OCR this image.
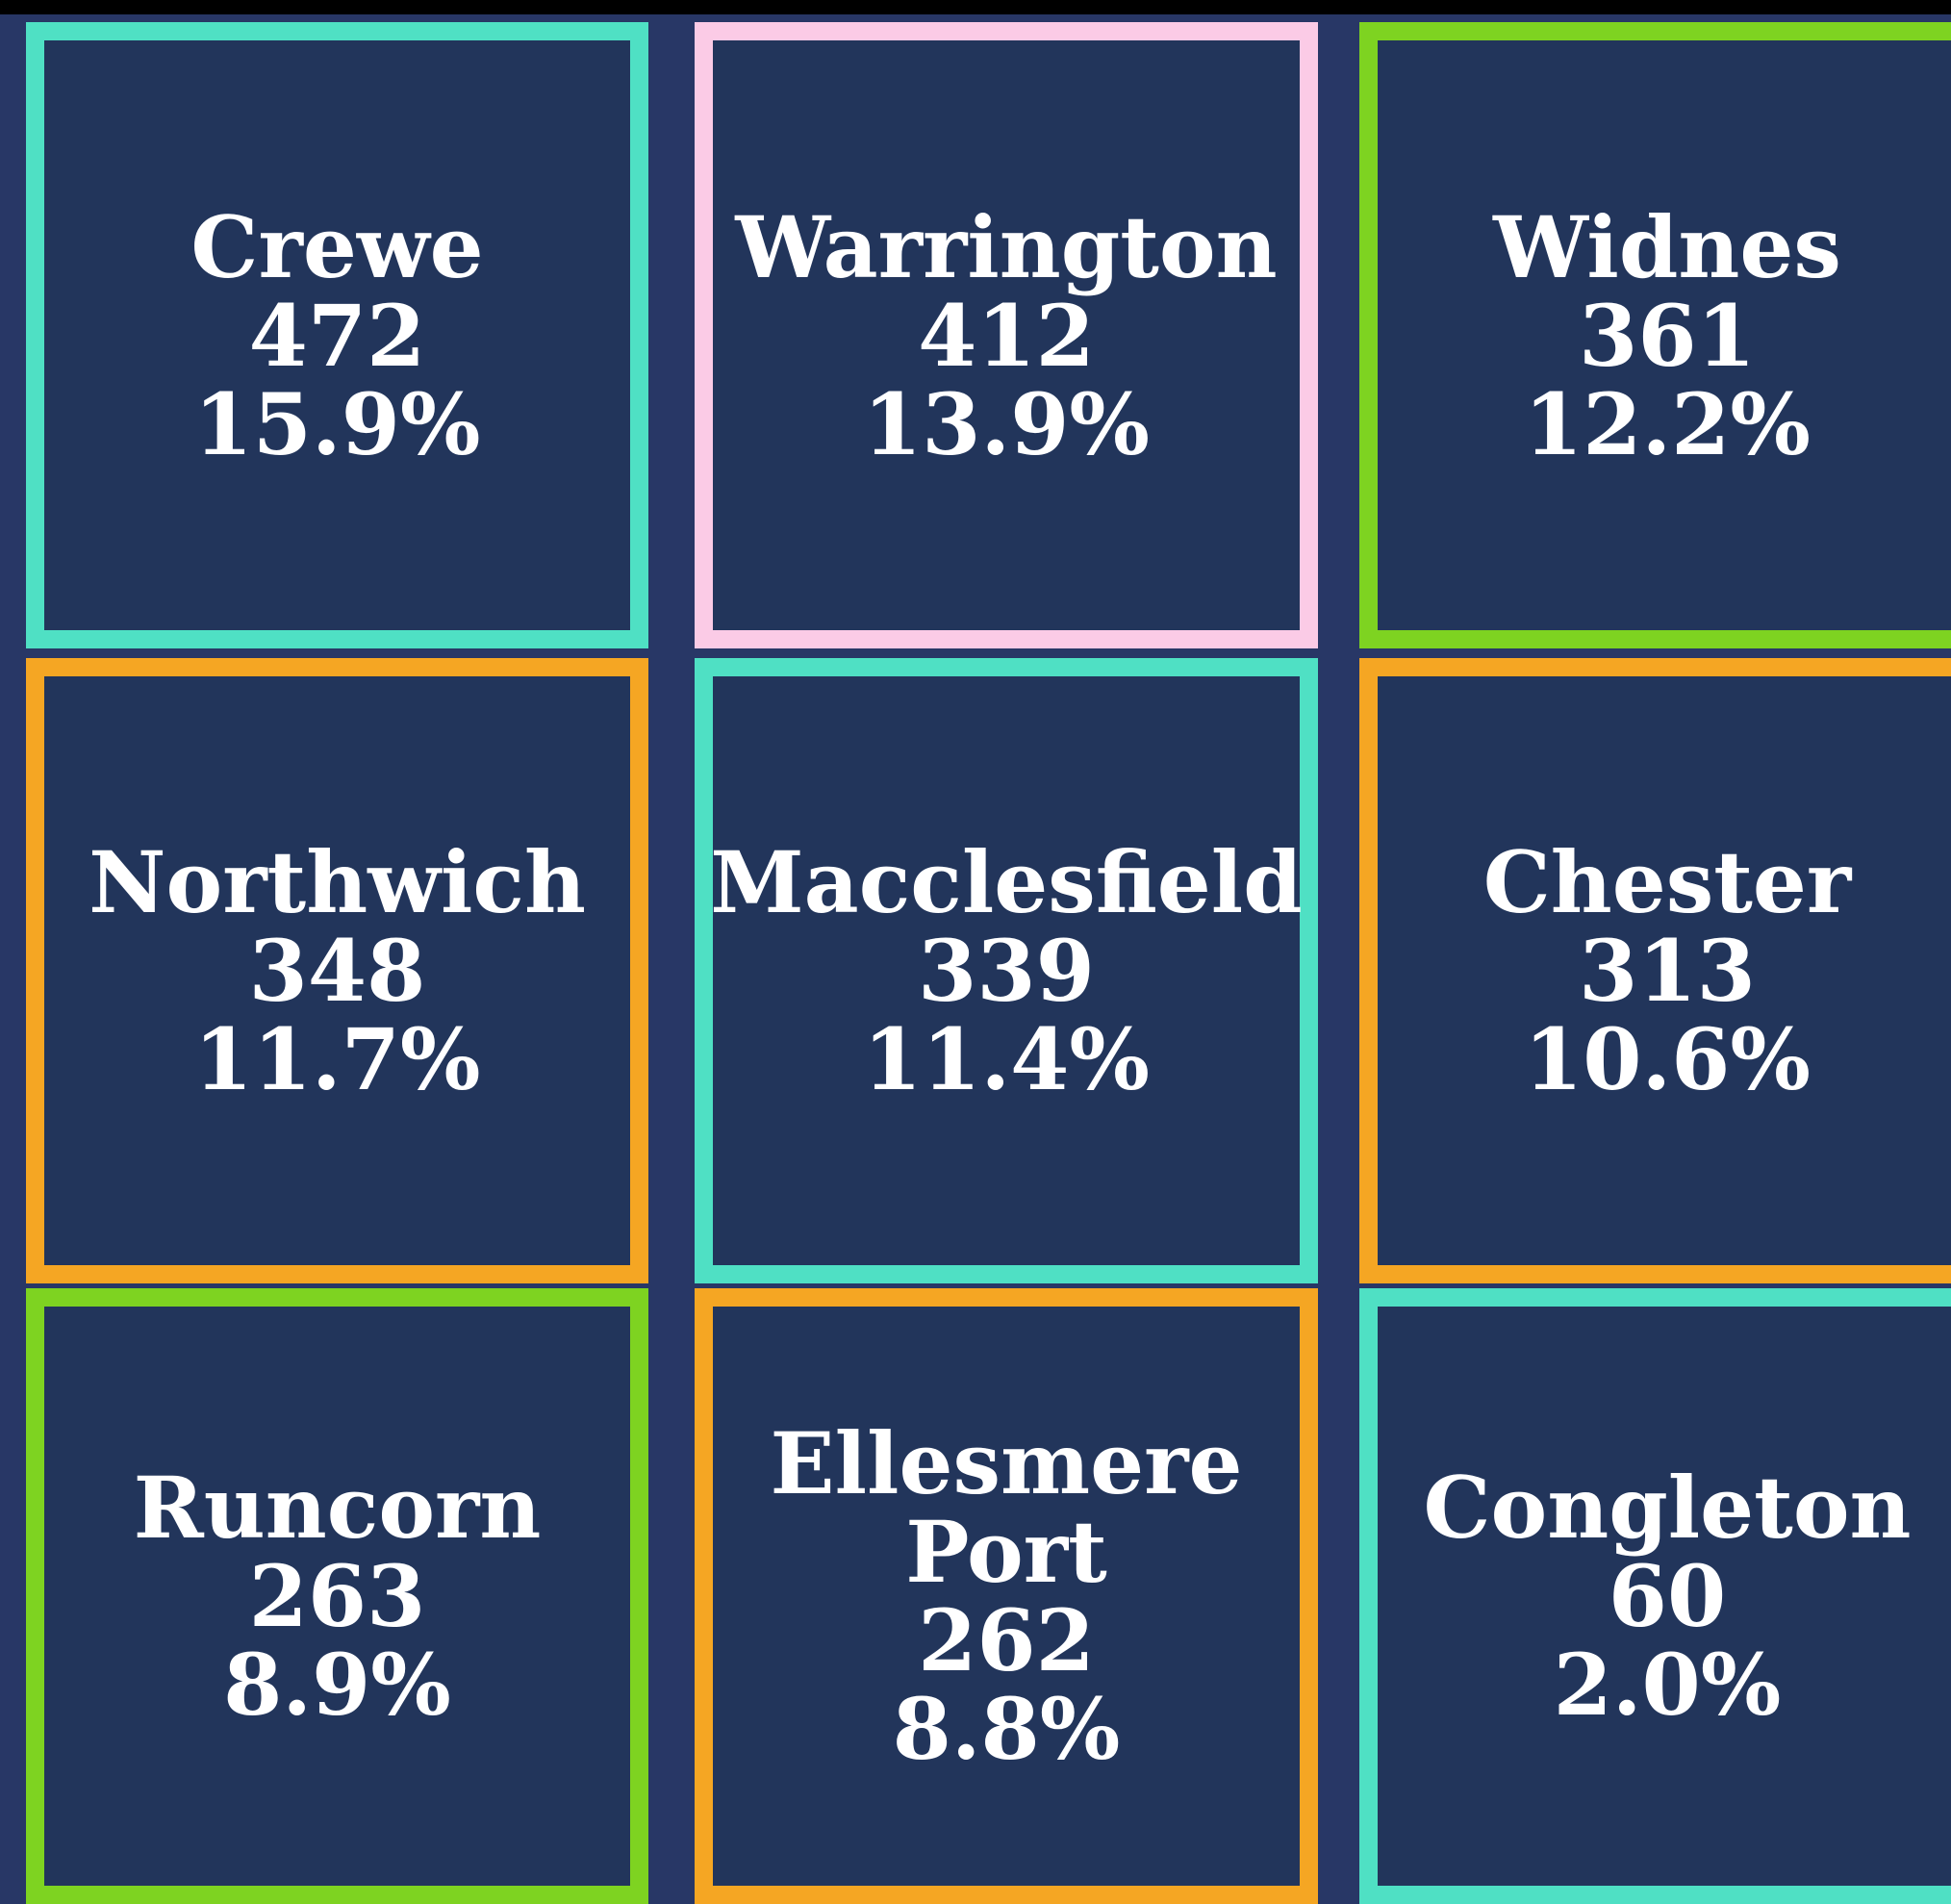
Crewe
472
15.9%
Warrington
412
13.9%
Widnes
361
12.2%
Northwich
348
11.7%
Macclesfield
339
11.4%
Chester
313
10.6%
Runcorn
263
8.9%
Ellesmere
Port
262
8.8%
Congleton
60
2.0%
